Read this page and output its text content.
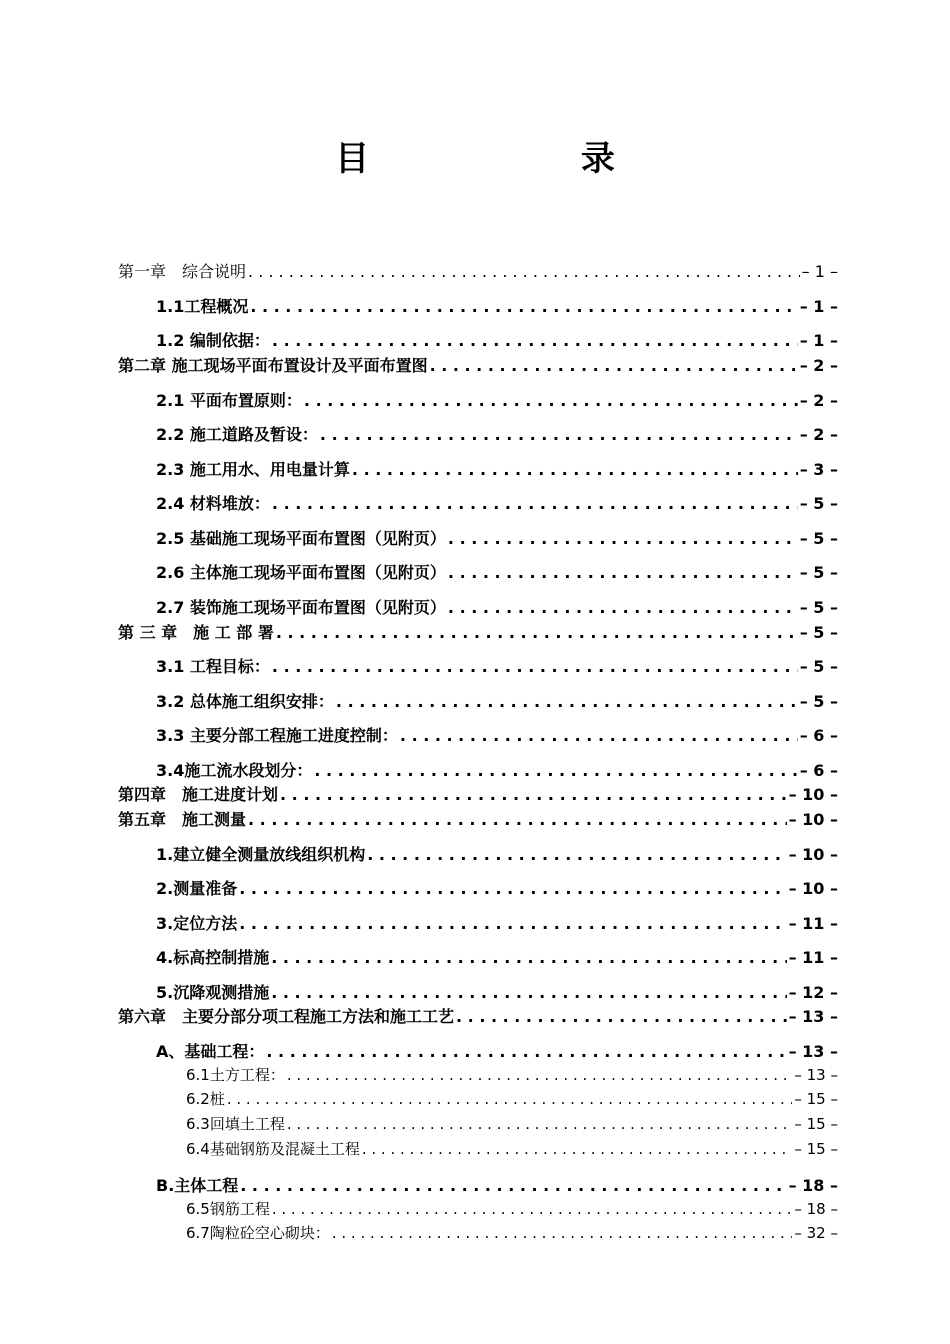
目 录
第一章　综合说明 . . .	– 1 –
1.1工程概况 . . .	– 1 –
1.2 编制依据： . . .	– 1 –
第二章 施工现场平面布置设计及平面布置图 . . .	– 2 –
2.1 平面布置原则： . . .	– 2 –
2.2 施工道路及暂设： . . .	– 2 –
2.3 施工用水、用电量计算 . . .	– 3 –
2.4 材料堆放： . . .	– 5 –
2.5 基础施工现场平面布置图（见附页） . . .	– 5 –
2.6 主体施工现场平面布置图（见附页） . . .	– 5 –
2.7 装饰施工现场平面布置图（见附页） . . .	– 5 –
第 三 章　施 工 部 署 . . .	– 5 –
3.1 工程目标： . . .	– 5 –
3.2 总体施工组织安排： . . .	– 5 –
3.3 主要分部工程施工进度控制： . . .	– 6 –
3.4施工流水段划分： . . .	– 6 –
第四章　施工进度计划 . . .	– 10 –
第五章　施工测量 . . .	– 10 –
1.建立健全测量放线组织机构 . . .	– 10 –
2.测量准备 . . .	– 10 –
3.定位方法 . . .	– 11 –
4.标高控制措施 . . .	– 11 –
5.沉降观测措施 . . .	– 12 –
第六章　主要分部分项工程施工方法和施工工艺 . . .	– 13 –
A、基础工程： . . .	– 13 –
6.1土方工程： . . .	– 13 –
6.2桩 . . .	– 15 –
6.3回填土工程 . . .	– 15 –
6.4基础钢筋及混凝土工程 . . .	– 15 –
B.主体工程 . . .	– 18 –
6.5钢筋工程 . . .	– 18 –
6.7陶粒砼空心砌块： . . .	– 32 –
